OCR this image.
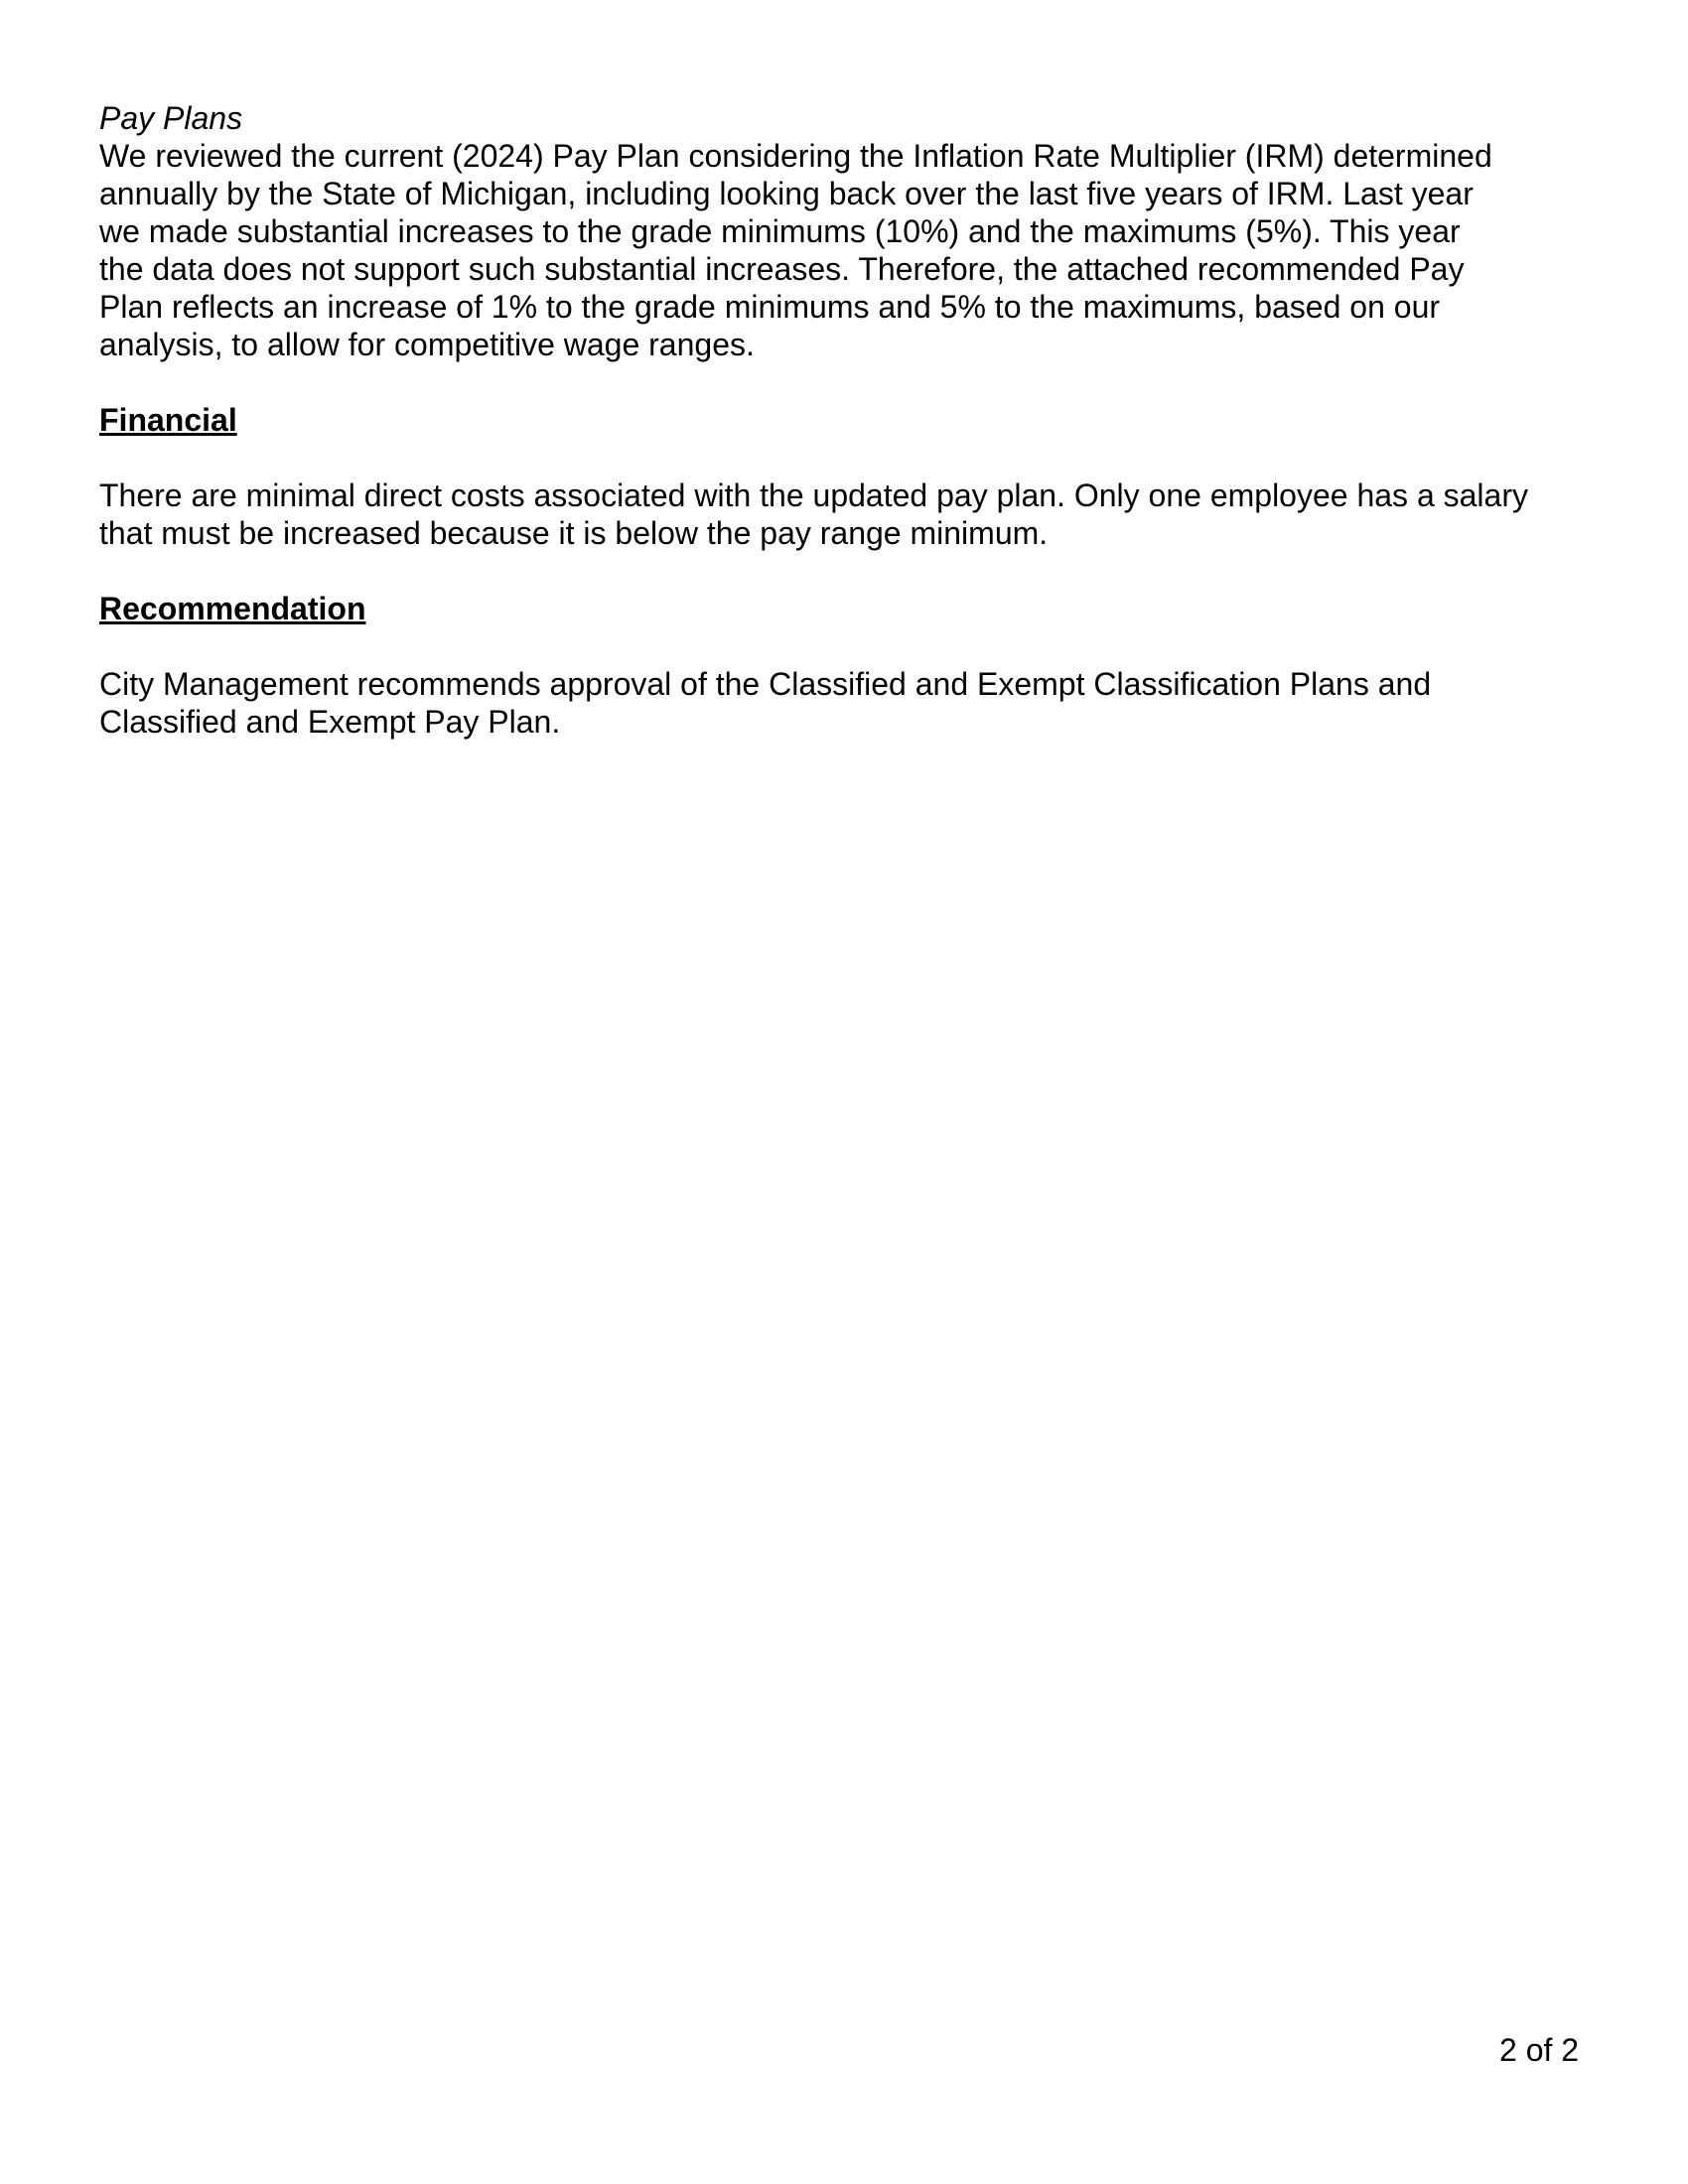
Pay Plans

We reviewed the current (2024) Pay Plan considering the Inflation Rate Multiplier (IRM) determined
annually by the State of Michigan, including looking back over the last five years of IRM. Last year
we made substantial increases to the grade minimums (10%) and the maximums (5%). This year
the data does not support such substantial increases. Therefore, the attached recommended Pay
Plan reflects an increase of 1% to the grade minimums and 5% to the maximums, based on our
analysis, to allow for competitive wage ranges.

Financial

There are minimal direct costs associated with the updated pay plan. Only one employee has a salary
that must be increased because it is below the pay range minimum.

Recommendation

City Management recommends approval of the Classified and Exempt Classification Plans and
Classified and Exempt Pay Plan.

2 of 2
